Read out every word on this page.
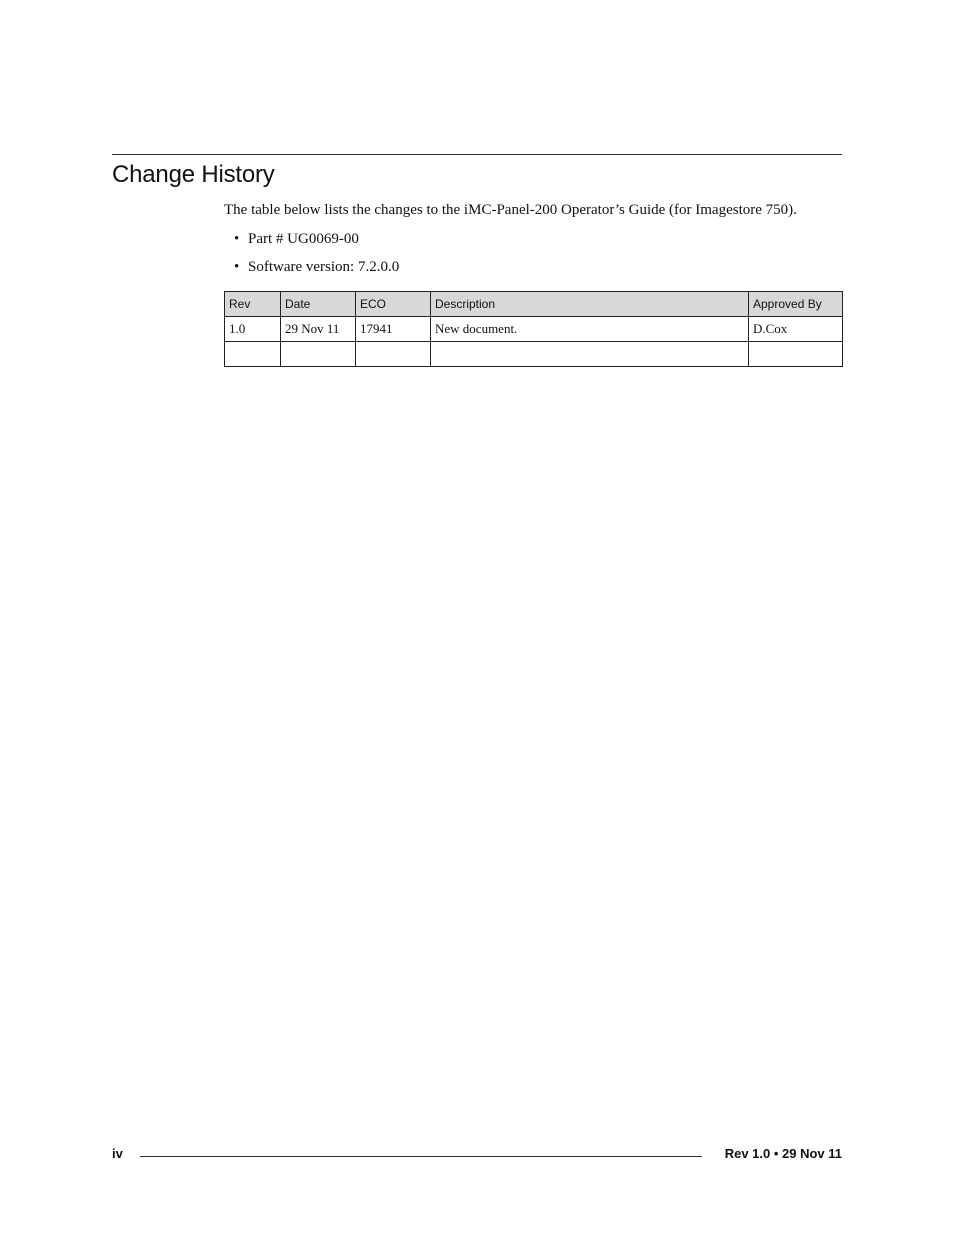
Change History

The table below lists the changes to the iMC-Panel-200 Operator’s Guide (for Imagestore 750).

• Part # UG0069-00
• Software version: 7.2.0.0
Rev	Date	ECO	Description	Approved By
1.0	29 Nov 11	17941	New document.	D.Cox

iv	Rev 1.0 • 29 Nov 11
